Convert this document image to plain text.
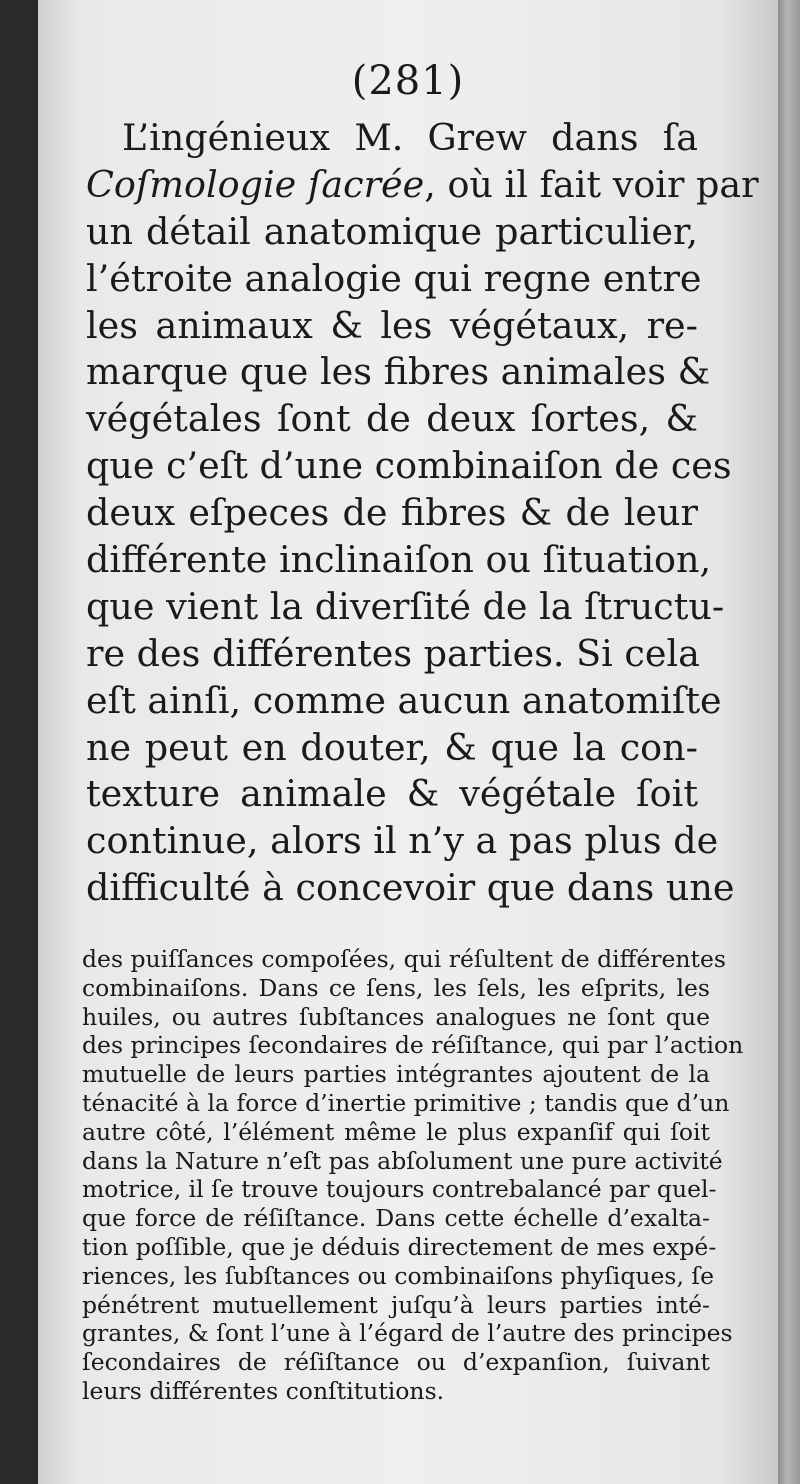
(281)
L’ingénieux M. Grew dans ſa
Coſmologie ſacrée, où il fait voir par
un détail anatomique particulier,
l’étroite analogie qui regne entre
les animaux & les végétaux, re-
marque que les fibres animales &
végétales ſont de deux ſortes, &
que c’eſt d’une combinaiſon de ces
deux eſpeces de fibres & de leur
différente inclinaiſon ou ſituation,
que vient la diverſité de la ſtructu-
re des différentes parties. Si cela
eſt ainſi, comme aucun anatomiſte
ne peut en douter, & que la con-
texture animale & végétale ſoit
continue, alors il n’y a pas plus de
difficulté à concevoir que dans une
des puiſſances compoſées, qui réſultent de différentes
combinaiſons. Dans ce ſens, les ſels, les eſprits, les
huiles, ou autres ſubſtances analogues ne ſont que
des principes ſecondaires de réſiſtance, qui par l’action
mutuelle de leurs parties intégrantes ajoutent de la
ténacité à la force d’inertie primitive ; tandis que d’un
autre côté, l’élément même le plus expanſif qui ſoit
dans la Nature n’eſt pas abſolument une pure activité
motrice, il ſe trouve toujours contrebalancé par quel-
que force de réſiſtance. Dans cette échelle d’exalta-
tion poſſible, que je déduis directement de mes expé-
riences, les ſubſtances ou combinaiſons phyſiques, ſe
pénétrent mutuellement juſqu’à leurs parties inté-
grantes, & ſont l’une à l’égard de l’autre des principes
ſecondaires de réſiſtance ou d’expanſion, ſuivant
leurs différentes conſtitutions.
